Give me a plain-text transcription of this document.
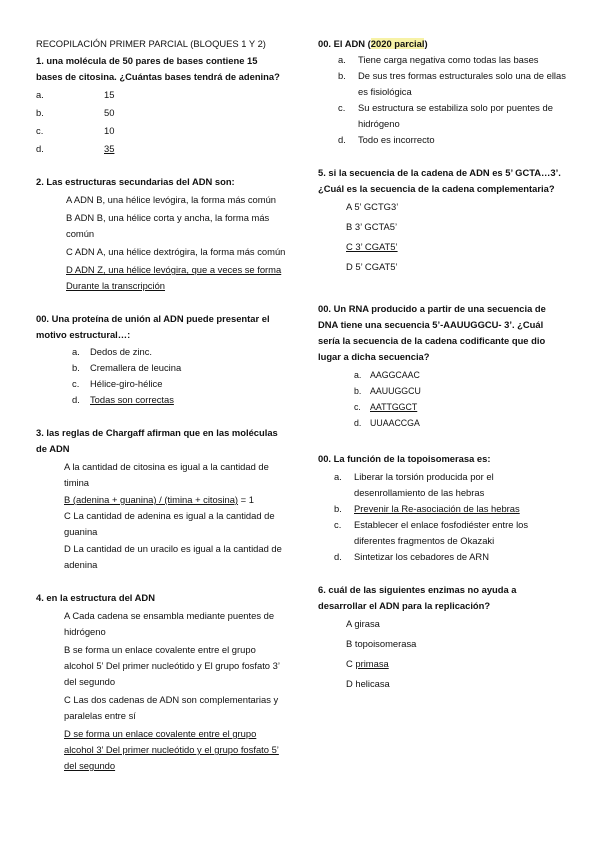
RECOPILACIÓN PRIMER PARCIAL (BLOQUES 1 Y 2)

1. una molécula de 50 pares de bases contiene 15 bases de citosina. ¿Cuántas bases tendrá de adenina?

a.	15
b.	50
c.	10
d.	35

2. Las estructuras secundarias del ADN son:

A ADN B, una hélice levógira, la forma más común
B ADN B, una hélice corta y ancha, la forma más común
C ADN A, una hélice dextrógira, la forma más común
D ADN Z, una hélice levógira, que a veces se forma Durante la transcripción

00. Una proteína de unión al ADN puede presentar el motivo estructural…:

a. Dedos de zinc.
b. Cremallera de leucina
c. Hélice-giro-hélice
d. Todas son correctas

3. las reglas de Chargaff afirman que en las moléculas de ADN

A la cantidad de citosina es igual a la cantidad de timina
B (adenina + guanina) / (timina + citosina) = 1
C La cantidad de adenina es igual a la cantidad de guanina
D La cantidad de un uracilo es igual a la cantidad de adenina

4. en la estructura del ADN

A Cada cadena se ensambla mediante puentes de hidrógeno
B se forma un enlace covalente entre el grupo alcohol 5’ Del primer nucleótido y El grupo fosfato 3’ del segundo
C Las dos cadenas de ADN son complementarias y paralelas entre sí
D se forma un enlace covalente entre el grupo alcohol 3’ Del primer nucleótido y el grupo fosfato 5’ del segundo

00. El ADN (2020 parcial)

a. Tiene carga negativa como todas las bases
b. De sus tres formas estructurales solo una de ellas es fisiológica
c. Su estructura se estabiliza solo por puentes de hidrógeno
d. Todo es incorrecto

5. si la secuencia de la cadena de ADN es 5’ GCTA…3’. ¿Cuál es la secuencia de la cadena complementaria?

A 5’ GCTG3’
B 3’ GCTA5’
C 3’ CGAT5’
D 5’ CGAT5’

00. Un RNA producido a partir de una secuencia de DNA tiene una secuencia 5’-AAUUGGCU- 3’. ¿Cuál sería la secuencia de la cadena codificante que dio lugar a dicha secuencia?

a. AAGGCAAC
b. AAUUGGCU
c. AATTGGCT
d. UUAACCGA

00. La función de la topoisomerasa es:

a. Liberar la torsión producida por el desenrollamiento de las hebras
b. Prevenir la Re-asociación de las hebras
c. Establecer el enlace fosfodiéster entre los diferentes fragmentos de Okazaki
d. Sintetizar los cebadores de ARN

6. cuál de las siguientes enzimas no ayuda a desarrollar el ADN para la replicación?

A girasa
B topoisomerasa
C primasa
D helicasa
